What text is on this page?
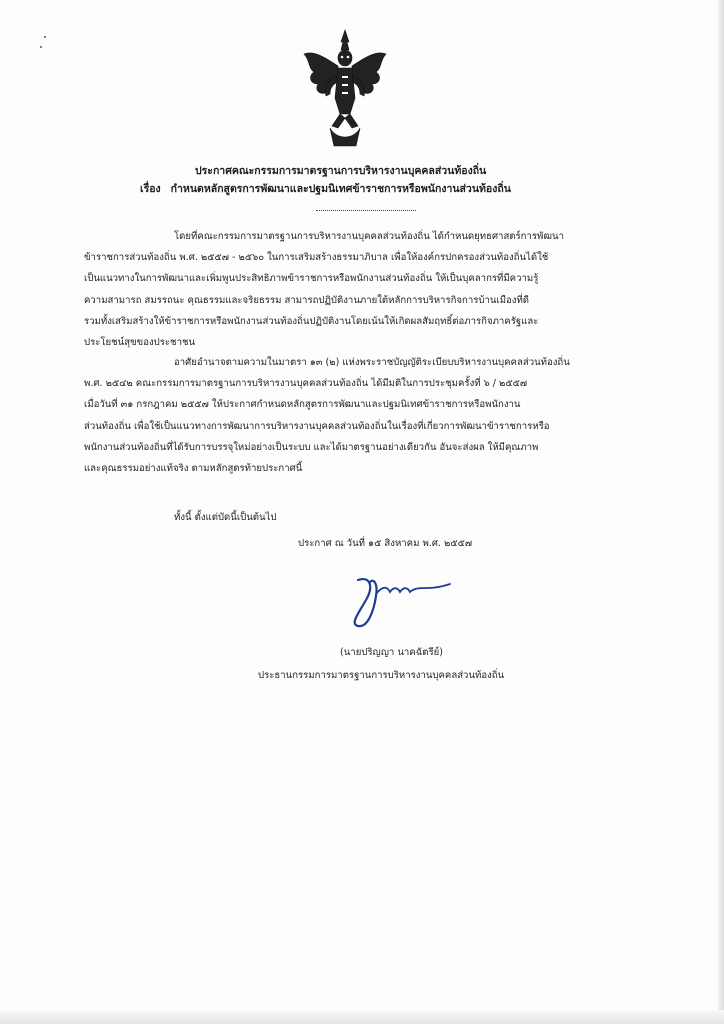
ประกาศคณะกรรมการมาตรฐานการบริหารงานบุคคลส่วนท้องถิ่น
เรื่อง กำหนดหลักสูตรการพัฒนาและปฐมนิเทศข้าราชการหรือพนักงานส่วนท้องถิ่น
โดยที่คณะกรรมการมาตรฐานการบริหารงานบุคคลส่วนท้องถิ่น ได้กำหนดยุทธศาสตร์การพัฒนา
ข้าราชการส่วนท้องถิ่น พ.ศ. ๒๕๕๗ - ๒๕๖๐ ในการเสริมสร้างธรรมาภิบาล เพื่อให้องค์กรปกครองส่วนท้องถิ่นได้ใช้
เป็นแนวทางในการพัฒนาและเพิ่มพูนประสิทธิภาพข้าราชการหรือพนักงานส่วนท้องถิ่น ให้เป็นบุคลากรที่มีความรู้
ความสามารถ สมรรถนะ คุณธรรมและจริยธรรม สามารถปฏิบัติงานภายใต้หลักการบริหารกิจการบ้านเมืองที่ดี
รวมทั้งเสริมสร้างให้ข้าราชการหรือพนักงานส่วนท้องถิ่นปฏิบัติงานโดยเน้นให้เกิดผลสัมฤทธิ์ต่อภารกิจภาครัฐและ
ประโยชน์สุขของประชาชน
อาศัยอำนาจตามความในมาตรา ๑๓ (๒) แห่งพระราชบัญญัติระเบียบบริหารงานบุคคลส่วนท้องถิ่น
พ.ศ. ๒๕๔๒ คณะกรรมการมาตรฐานการบริหารงานบุคคลส่วนท้องถิ่น ได้มีมติในการประชุมครั้งที่ ๖ / ๒๕๕๗
เมื่อวันที่ ๓๑ กรกฎาคม ๒๕๕๗ ให้ประกาศกำหนดหลักสูตรการพัฒนาและปฐมนิเทศข้าราชการหรือพนักงาน
ส่วนท้องถิ่น เพื่อใช้เป็นแนวทางการพัฒนาการบริหารงานบุคคลส่วนท้องถิ่นในเรื่องที่เกี่ยวการพัฒนาข้าราชการหรือ
พนักงานส่วนท้องถิ่นที่ได้รับการบรรจุใหม่อย่างเป็นระบบ และได้มาตรฐานอย่างเดียวกัน อันจะส่งผล ให้มีคุณภาพ
และคุณธรรมอย่างแท้จริง ตามหลักสูตรท้ายประกาศนี้
ทั้งนี้ ตั้งแต่บัดนี้เป็นต้นไป
ประกาศ ณ วันที่ ๑๕ สิงหาคม พ.ศ. ๒๕๕๗
(นายปริญญา นาคฉัตรีย์)
ประธานกรรมการมาตรฐานการบริหารงานบุคคลส่วนท้องถิ่น
